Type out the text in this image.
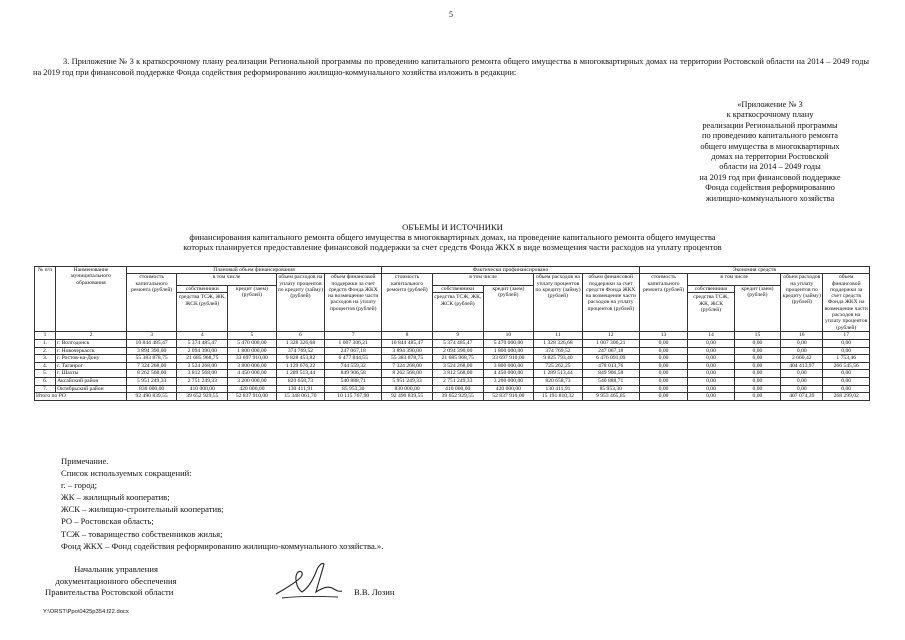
5
3. Приложение № 3 к краткосрочному плану реализации Региональной программы по проведению капитального ремонта общего имущества в многоквартирных домах на территории Ростовской области на 2014 – 2049 годы на 2019 год при финансовой поддержке Фонда содействия реформированию жилищно-коммунального хозяйства изложить в редакции:
«Приложение № 3
к краткосрочному плану
реализации Региональной программы
по проведению капитального ремонта
общего имущества в многоквартирных
домах на территории Ростовской
области на 2014 – 2049 годы
на 2019 год при финансовой поддержке
Фонда содействия реформированию
жилищно-коммунального хозяйства
ОБЪЕМЫ И ИСТОЧНИКИ
финансирования капитального ремонта общего имущества в многоквартирных домах, на проведение капитального ремонта общего имущества
которых планируется предоставление финансовой поддержки за счет средств Фонда ЖКХ в виде возмещения части расходов на уплату процентов
№ п/п	Наименование муниципального образования	Плановый объем финансирования					Фактически профинансировано					Экономия средств				
		стоимость капитального ремонта (рублей)	в том числе		объем расходов на уплату процентов по кредиту (займу) (рублей)	объем финансовой поддержки за счет средств Фонда ЖКХ на возмещение части расходов на уплату процентов (рублей)	стоимость капитального ремонта (рублей)	в том числе		объем расходов на уплату процентов по кредиту (займу) (рублей)	объем финансовой поддержки за счет средств Фонда ЖКХ на возмещение части расходов на уплату процентов (рублей)	стоимость капитального ремонта (рублей)	в том числе		объем расходов на уплату процентов по кредиту (займу) (рублей)	объем финансовой поддержки за счет средств Фонда ЖКХ на возмещение части расходов на уплату процентов (рублей)

			собственники
средства ТСЖ, ЖК, ЖСК (рублей)	кредит (заем) (рублей)				собственники
средства ТСЖ, ЖК, ЖСК (рублей)	кредит (заем) (рублей)				собственники
средства ТСЖ, ЖК, ЖСК (рублей)	кредит (заем) (рублей)		
1	2	3	4	5	6	7	8	9	10	11	12	13	14	15	16	17
1.	г. Волгодонск	10 844 485,47	5 374 485,47	5 470 000,00	1 328 326,68	1 007 306,21	10 844 485,47	5 374 485,47	5 470 000,00	1 328 326,68	1 007 306,21	0,00	0,00	0,00	0,00	0,00
2.	г. Новочеркасск	3 894 390,00	2 094 390,00	1 800 000,00	374 769,52	247 067,18	3 894 390,00	2 094 390,00	1 800 000,00	374 769,52	247 067,18	0,00	0,00	0,00	0,00	0,00
3.	г. Ростов-на-Дону	55 383 878,75	21 685 968,75	33 697 910,00	9 828 453,82	6 477 844,55	55 383 878,75	21 685 968,75	33 697 910,00	9 825 793,40	6 476 091,09	0,00	0,00	0,00	2 660,42	1 753,46
4.	г. Таганрог	7 324 268,00	3 524 268,00	3 800 000,00	1 129 676,22	744 559,32	7 324 268,00	3 524 268,00	3 800 000,00	725 262,25	478 013,76	0,00	0,00	0,00	404 413,97	266 545,56
5.	г. Шахты	8 262 568,00	3 812 568,00	4 450 000,00	1 289 513,44	849 906,58	8 262 568,00	3 812 568,00	4 450 000,00	1 289 513,44	849 906,58	0,00	0,00	0,00	0,00	0,00
6.	Аксайский район	5 951 249,33	2 751 249,33	3 200 000,00	820 658,73	540 888,71	5 951 249,33	2 751 249,33	3 200 000,00	820 658,73	540 888,71	0,00	0,00	0,00	0,00	0,00
7.	Октябрьский район	830 000,00	410 000,00	420 000,00	130 411,91	85 953,30	830 000,00	410 000,00	420 000,00	130 411,91	85 953,30	0,00	0,00	0,00	0,00	0,00
Итого по РО		92 490 839,55	39 652 929,55	52 837 910,00	15 348 061,70	10 115 767,90	92 490 839,55	39 652 929,55	52 837 910,00	15 191 810,32	9 953 465,85	0,00	0,00	0,00	407 074,39	268 299,02
Примечание.
Список используемых сокращений:
г. – город;
ЖК – жилищный кооператив;
ЖСК – жилищно-строительный кооператив;
РО – Ростовская область;
ТСЖ – товарищество собственников жилья;
Фонд ЖКХ – Фонд содействия реформированию жилищно-коммунального хозяйства.».
Начальник управления
документационного обеспечения
Правительства Ростовской области	В.В. Лозин
Y:\ORST\Ppo\0425p354.f22.docx
